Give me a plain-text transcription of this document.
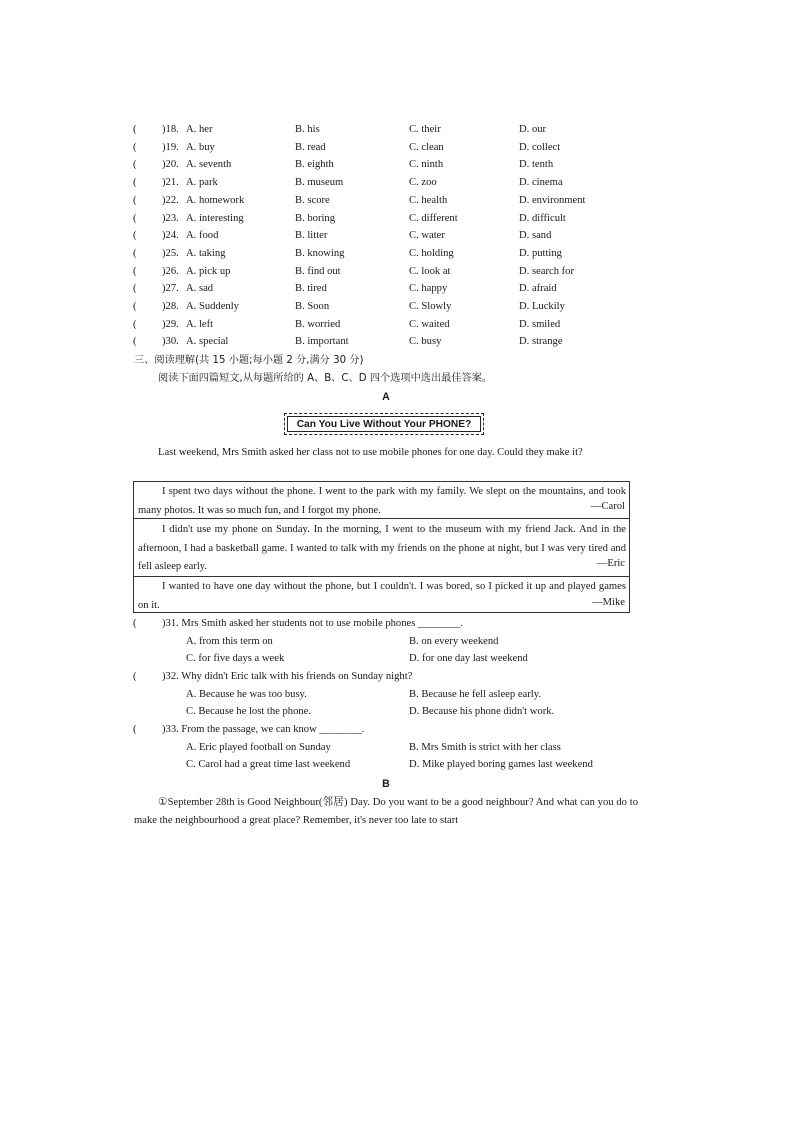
( )18. A. her	B. his	C. their	D. our
( )19. A. buy	B. read	C. clean	D. collect
( )20. A. seventh	B. eighth	C. ninth	D. tenth
( )21. A. park	B. museum	C. zoo	D. cinema
( )22. A. homework	B. score	C. health	D. environment
( )23. A. interesting	B. boring	C. different	D. difficult
( )24. A. food	B. litter	C. water	D. sand
( )25. A. taking	B. knowing	C. holding	D. putting
( )26. A. pick up	B. find out	C. look at	D. search for
( )27. A. sad	B. tired	C. happy	D. afraid
( )28. A. Suddenly	B. Soon	C. Slowly	D. Luckily
( )29. A. left	B. worried	C. waited	D. smiled
( )30. A. special	B. important	C. busy	D. strange
三、阅读理解(共 15 小题;每小题 2 分,满分 30 分)
阅读下面四篇短文,从每题所给的 A、B、C、D 四个选项中选出最佳答案。
A
Can You Live Without Your PHONE?
Last weekend, Mrs Smith asked her class not to use mobile phones for one day. Could they make it?
I spent two days without the phone. I went to the park with my family. We slept on the mountains, and took many photos. It was so much fun, and I forgot my phone.	—Carol
I didn't use my phone on Sunday. In the morning, I went to the museum with my friend Jack. And in the afternoon, I had a basketball game. I wanted to talk with my friends on the phone at night, but I was very tired and fell asleep early.	—Eric
I wanted to have one day without the phone, but I couldn't. I was bored, so I picked it up and played games on it.	—Mike
( )31. Mrs Smith asked her students not to use mobile phones ________.
A. from this term on	B. on every weekend
C. for five days a week	D. for one day last weekend
( )32. Why didn't Eric talk with his friends on Sunday night?
A. Because he was too busy.	B. Because he fell asleep early.
C. Because he lost the phone.	D. Because his phone didn't work.
( )33. From the passage, we can know ________.
A. Eric played football on Sunday	B. Mrs Smith is strict with her class
C. Carol had a great time last weekend	D. Mike played boring games last weekend
B
①September 28th is Good Neighbour(邻居) Day. Do you want to be a good neighbour? And what can you do to make the neighbourhood a great place? Remember, it's never too late to start
